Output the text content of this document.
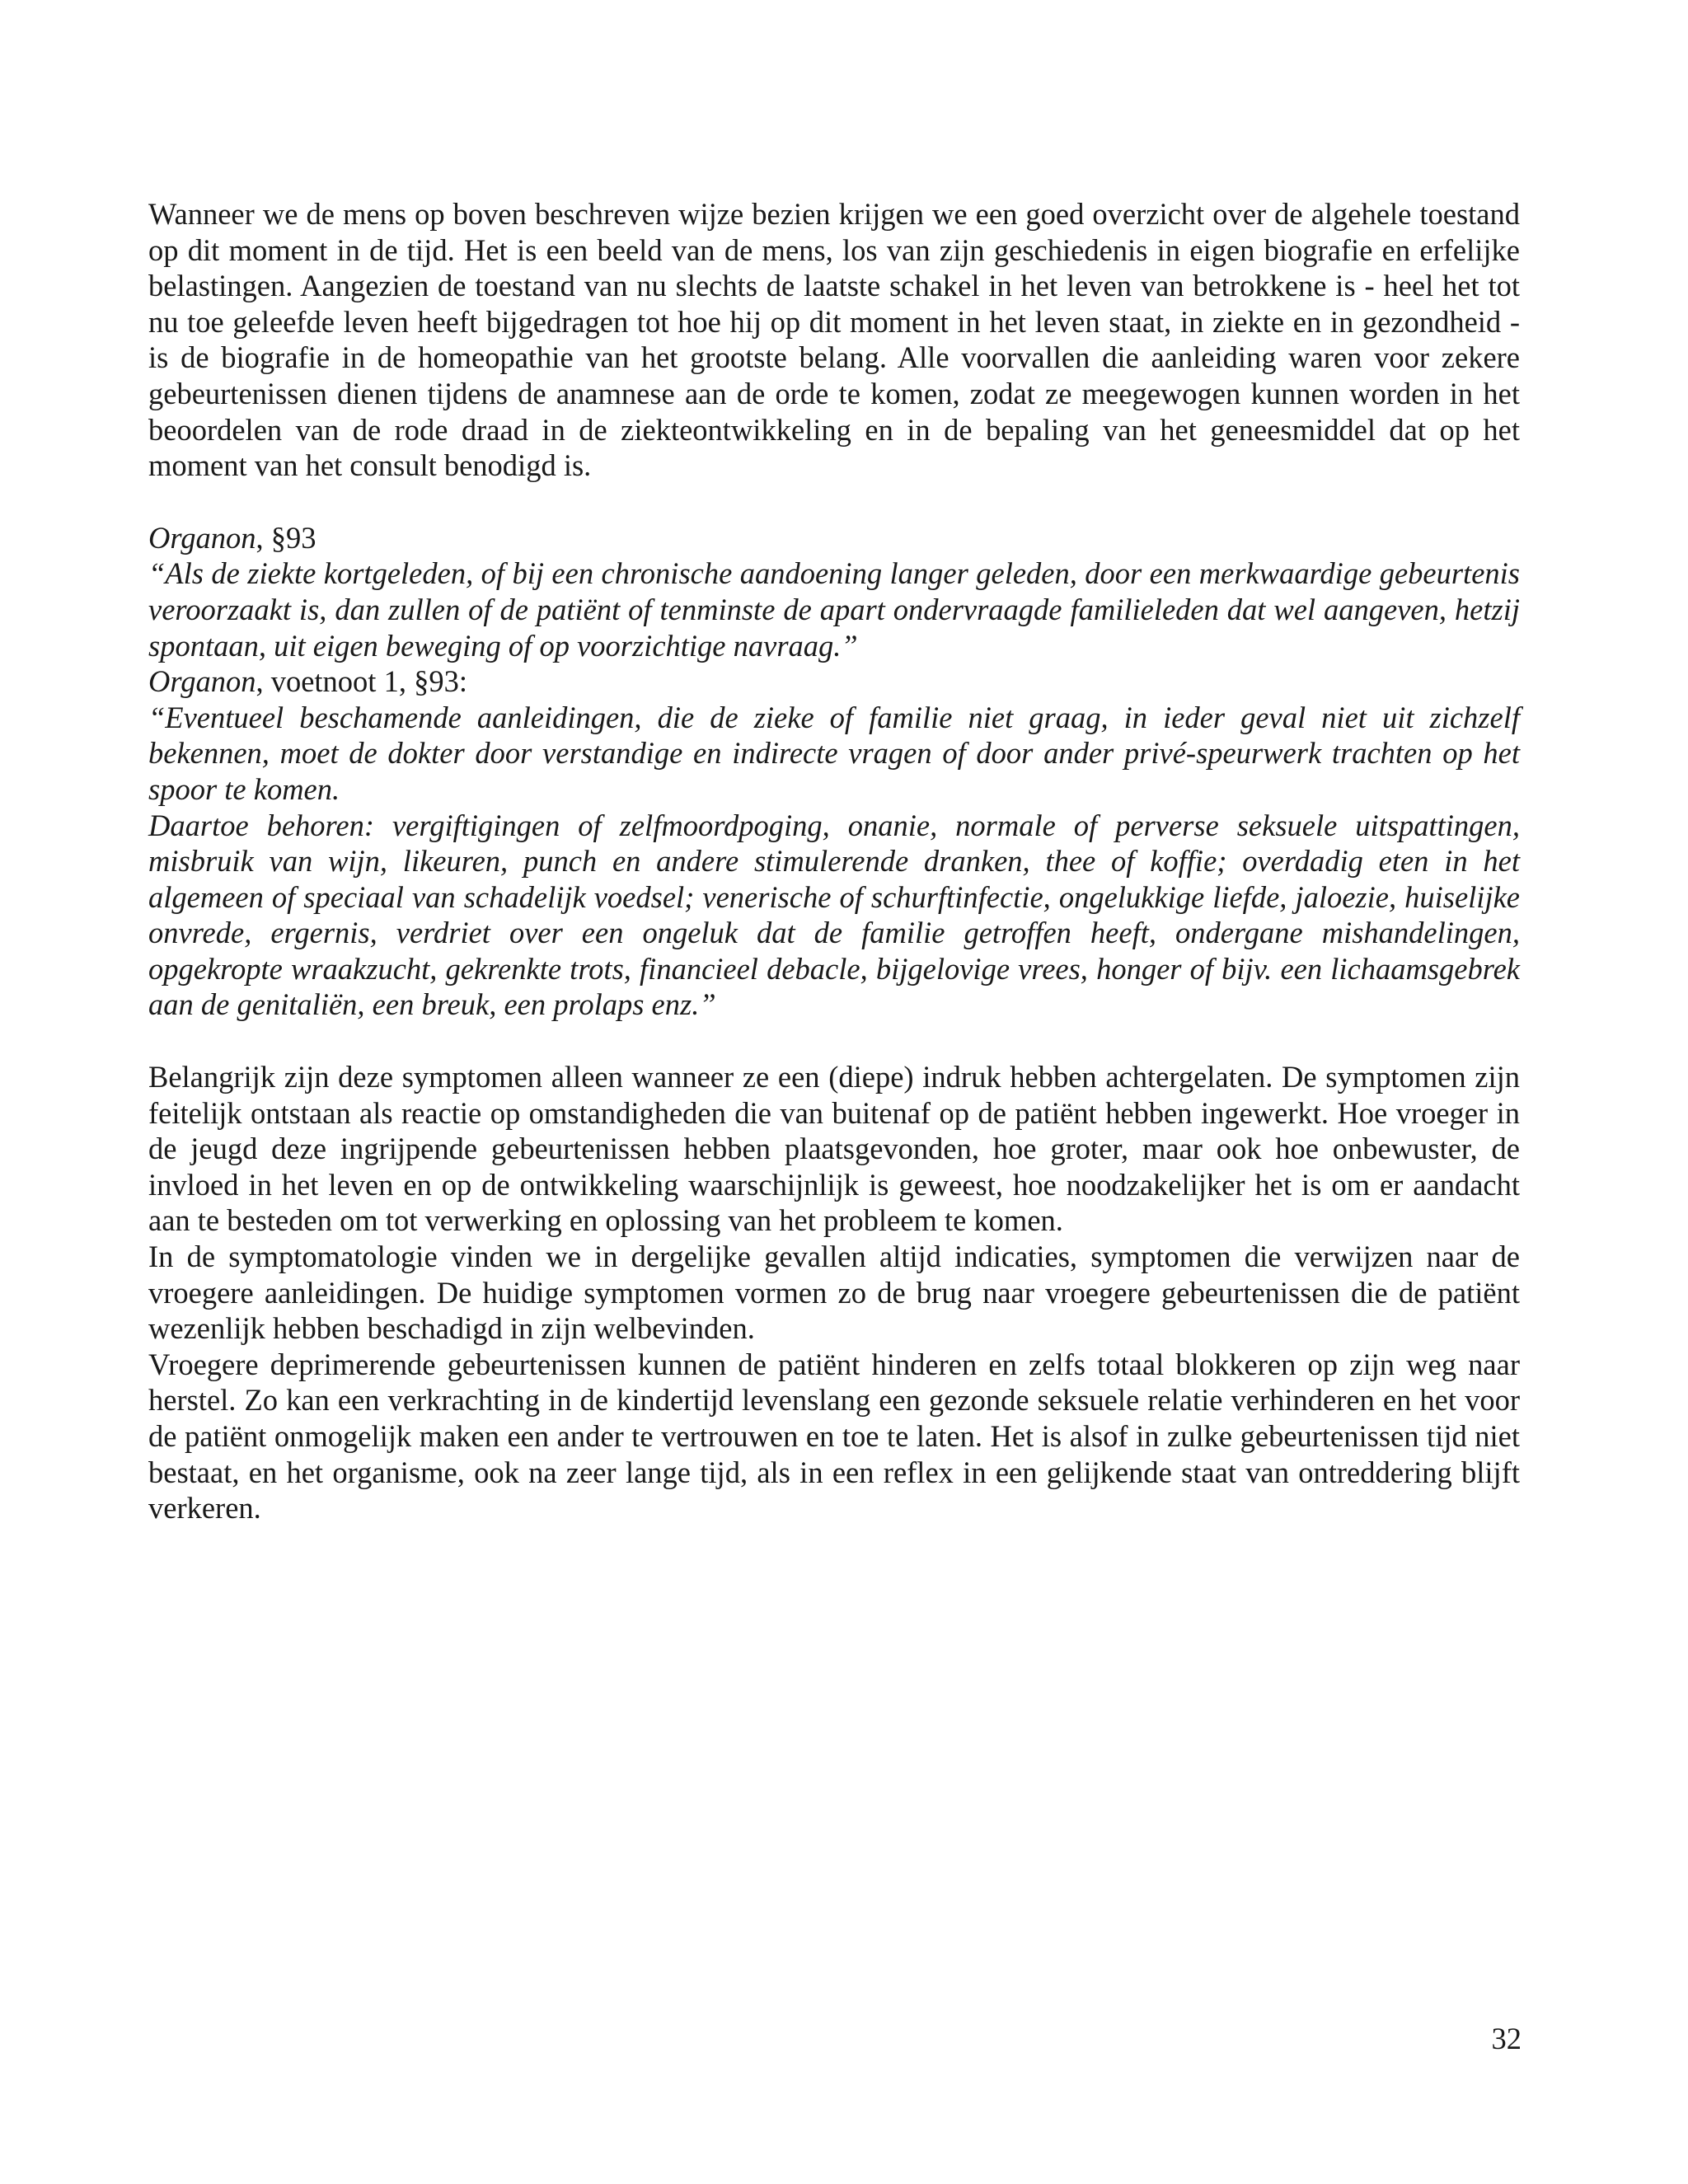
Wanneer we de mens op boven beschreven wijze bezien krijgen we een goed overzicht over de algehele toestand op dit moment in de tijd. Het is een beeld van de mens, los van zijn geschiedenis in eigen biografie en erfelijke belastingen. Aangezien de toestand van nu slechts de laatste schakel in het leven van betrokkene is - heel het tot nu toe geleefde leven heeft bijgedragen tot hoe hij op dit moment in het leven staat, in ziekte en in gezondheid - is de biografie in de homeopathie van het grootste belang. Alle voorvallen die aanleiding waren voor zekere gebeurtenissen dienen tijdens de anamnese aan de orde te komen, zodat ze meegewogen kunnen worden in het beoordelen van de rode draad in de ziekteontwikkeling en in de bepaling van het geneesmiddel dat op het moment van het consult benodigd is.

Organon, §93

“Als de ziekte kortgeleden, of bij een chronische aandoening langer geleden, door een merkwaardige gebeurtenis veroorzaakt is, dan zullen of de patiënt of tenminste de apart ondervraagde familieleden dat wel aangeven, hetzij spontaan, uit eigen beweging of op voorzichtige navraag.”

Organon, voetnoot 1, §93:

“Eventueel beschamende aanleidingen, die de zieke of familie niet graag, in ieder geval niet uit zichzelf bekennen, moet de dokter door verstandige en indirecte vragen of door ander privé-speurwerk trachten op het spoor te komen.

Daartoe behoren: vergiftigingen of zelfmoordpoging, onanie, normale of perverse seksuele uitspattingen, misbruik van wijn, likeuren, punch en andere stimulerende dranken, thee of koffie; overdadig eten in het algemeen of speciaal van schadelijk voedsel; venerische of schurftinfectie, ongelukkige liefde, jaloezie, huiselijke onvrede, ergernis, verdriet over een ongeluk dat de familie getroffen heeft, ondergane mishandelingen, opgekropte wraakzucht, gekrenkte trots, financieel debacle, bijgelovige vrees, honger of bijv. een lichaamsgebrek aan de genitaliën, een breuk, een prolaps enz.”

Belangrijk zijn deze symptomen alleen wanneer ze een (diepe) indruk hebben achtergelaten. De symptomen zijn feitelijk ontstaan als reactie op omstandigheden die van buitenaf op de patiënt hebben ingewerkt. Hoe vroeger in de jeugd deze ingrijpende gebeurtenissen hebben plaatsgevonden, hoe groter, maar ook hoe onbewuster, de invloed in het leven en op de ontwikkeling waarschijnlijk is geweest, hoe noodzakelijker het is om er aandacht aan te besteden om tot verwerking en oplossing van het probleem te komen.

In de symptomatologie vinden we in dergelijke gevallen altijd indicaties, symptomen die verwijzen naar de vroegere aanleidingen. De huidige symptomen vormen zo de brug naar vroegere gebeurtenissen die de patiënt wezenlijk hebben beschadigd in zijn welbevinden.

Vroegere deprimerende gebeurtenissen kunnen de patiënt hinderen en zelfs totaal blokkeren op zijn weg naar herstel. Zo kan een verkrachting in de kindertijd levenslang een gezonde seksuele relatie verhinderen en het voor de patiënt onmogelijk maken een ander te vertrouwen en toe te laten. Het is alsof in zulke gebeurtenissen tijd niet bestaat, en het organisme, ook na zeer lange tijd, als in een reflex in een gelijkende staat van ontreddering blijft verkeren.

32
